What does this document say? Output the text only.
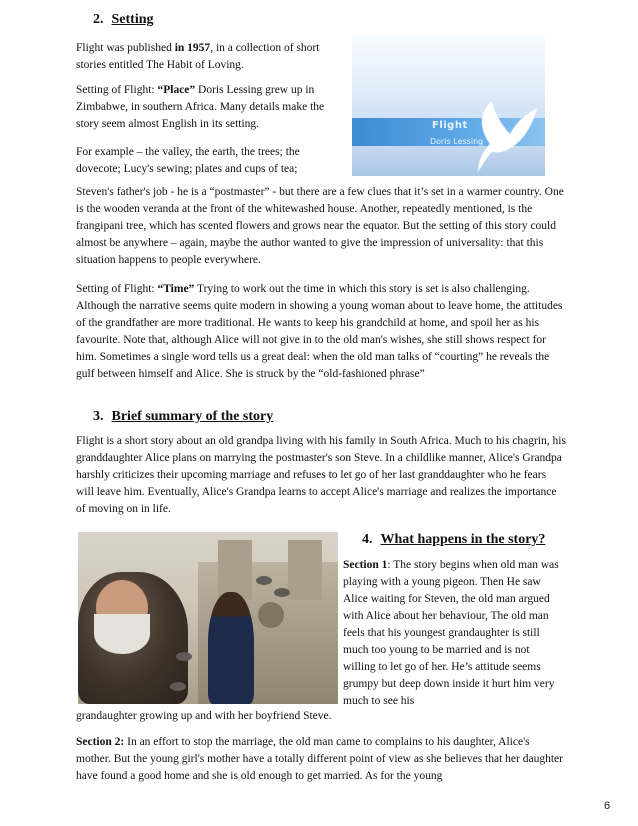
2. Setting

Flight was published in 1957, in a collection of short stories entitled The Habit of Loving.

Setting of Flight: “Place” Doris Lessing grew up in Zimbabwe, in southern Africa. Many details make the story seem almost English in its setting.

For example – the valley, the earth, the trees; the dovecote; Lucy's sewing; plates and cups of tea;

Flight
Doris Lessing

Steven's father's job - he is a “postmaster” - but there are a few clues that it’s set in a warmer country. One is the wooden veranda at the front of the whitewashed house. Another, repeatedly mentioned, is the frangipani tree, which has scented flowers and grows near the equator. But the setting of this story could almost be anywhere – again, maybe the author wanted to give the impression of universality: that this situation happens to people everywhere.

Setting of Flight: “Time” Trying to work out the time in which this story is set is also challenging. Although the narrative seems quite modern in showing a young woman about to leave home, the attitudes of the grandfather are more traditional. He wants to keep his grandchild at home, and spoil her as his favourite. Note that, although Alice will not give in to the old man's wishes, she still shows respect for him. Sometimes a single word tells us a great deal: when the old man talks of “courting” he reveals the gulf between himself and Alice. She is struck by the “old-fashioned phrase”

3. Brief summary of the story

Flight is a short story about an old grandpa living with his family in South Africa. Much to his chagrin, his granddaughter Alice plans on marrying the postmaster's son Steve. In a childlike manner, Alice's Grandpa harshly criticizes their upcoming marriage and refuses to let go of her last granddaughter who he fears will leave him. Eventually, Alice's Grandpa learns to accept Alice's marriage and realizes the importance of moving on in life.

4. What happens in the story?

Section 1: The story begins when old man was playing with a young pigeon. Then He saw Alice waiting for Steven, the old man argued with Alice about her behaviour, The old man feels that his youngest grandaughter is still much too young to be married and is not willing to let go of her. He’s attitude seems grumpy but deep down inside it hurt him very much to see his

grandaughter growing up and with her boyfriend Steve.

Section 2: In an effort to stop the marriage, the old man came to complains to his daughter, Alice's mother. But the young girl's mother have a totally different point of view as she believes that her daughter have found a good home and she is old enough to get married. As for the young

6
